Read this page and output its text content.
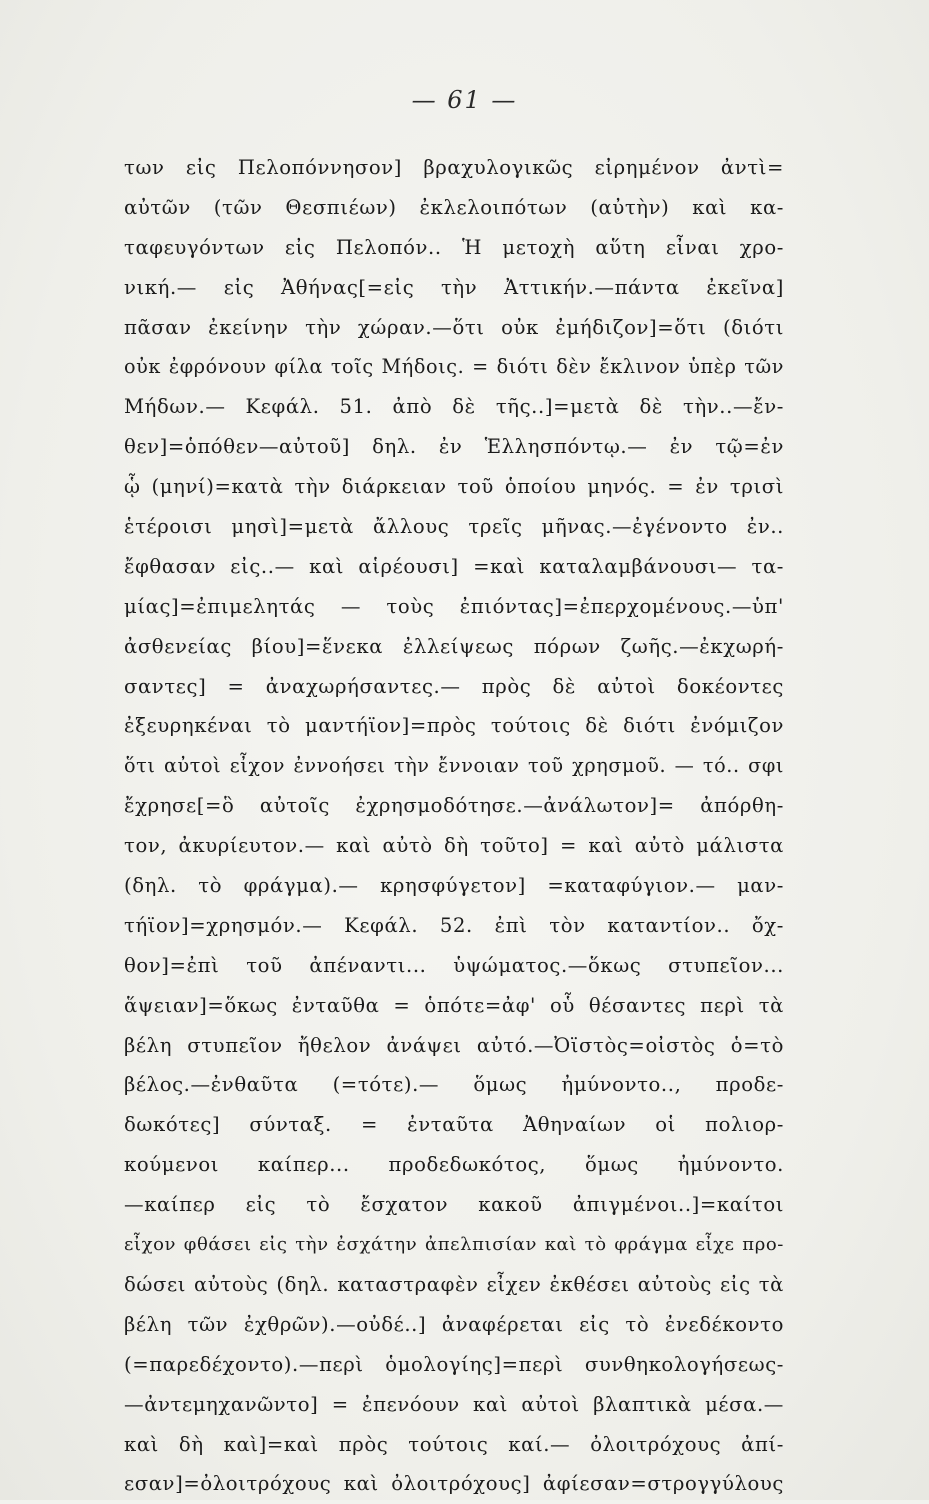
— 61 —
των εἰς Πελοπόννησον] βραχυλογικῶς εἰρημένον ἀντὶ=
αὐτῶν (τῶν Θεσπιέων) ἐκλελοιπότων (αὐτὴν) καὶ κα-
ταφευγόντων εἰς Πελοπόν.. Ἡ μετοχὴ αὕτη εἶναι χρο-
νική.— εἰς Ἀθήνας[=εἰς τὴν Ἀττικήν.—πάντα ἐκεῖνα]
πᾶσαν ἐκείνην τὴν χώραν.—ὅτι οὐκ ἐμήδιζον]=ὅτι (διότι
οὐκ ἐφρόνουν φίλα τοῖς Μήδοις. = διότι δὲν ἔκλινον ὑπὲρ τῶν
Μήδων.— Κεφάλ. 51. ἀπὸ δὲ τῆς..]=μετὰ δὲ τὴν..—ἔν-
θεν]=ὁπόθεν—αὐτοῦ] δηλ. ἐν Ἑλλησπόντῳ.— ἐν τῷ=ἐν
ᾧ (μηνί)=κατὰ τὴν διάρκειαν τοῦ ὁποίου μηνός. = ἐν τρισὶ
ἑτέροισι μησὶ]=μετὰ ἄλλους τρεῖς μῆνας.—ἐγένοντο ἐν..
ἔφθασαν εἰς..— καὶ αἱρέουσι] =καὶ καταλαμβάνουσι— τα-
μίας]=ἐπιμελητάς — τοὺς ἐπιόντας]=ἐπερχομένους.—ὑπ'
ἀσθενείας βίου]=ἕνεκα ἐλλείψεως πόρων ζωῆς.—ἐκχωρή-
σαντες] = ἀναχωρήσαντες.— πρὸς δὲ αὐτοὶ δοκέοντες
ἐξευρηκέναι τὸ μαντήϊον]=πρὸς τούτοις δὲ διότι ἐνόμιζον
ὅτι αὐτοὶ εἶχον ἐννοήσει τὴν ἔννοιαν τοῦ χρησμοῦ. — τό.. σφι
ἔχρησε[=ὃ αὐτοῖς ἐχρησμοδότησε.—ἀνάλωτον]= ἀπόρθη-
τον, ἀκυρίευτον.— καὶ αὐτὸ δὴ τοῦτο] = καὶ αὐτὸ μάλιστα
(δηλ. τὸ φράγμα).— κρησφύγετον] =καταφύγιον.— μαν-
τήϊον]=χρησμόν.— Κεφάλ. 52. ἐπὶ τὸν καταντίον.. ὄχ-
θον]=ἐπὶ τοῦ ἀπέναντι... ὑψώματος.—ὅκως στυπεῖον...
ἅψειαν]=ὅκως ἐνταῦθα = ὁπότε=ἀφ' οὗ θέσαντες περὶ τὰ
βέλη στυπεῖον ἤθελον ἀνάψει αὐτό.—Ὀϊστὸς=οἰστὸς ὁ=τὸ
βέλος.—ἐνθαῦτα (=τότε).— ὅμως ἠμύνοντο.., προδε-
δωκότες] σύνταξ. = ἐνταῦτα Ἀθηναίων οἱ πολιορ-
κούμενοι καίπερ... προδεδωκότος, ὅμως ἠμύνοντο.
—καίπερ εἰς τὸ ἔσχατον κακοῦ ἀπιγμένοι..]=καίτοι
εἶχον φθάσει εἰς τὴν ἐσχάτην ἀπελπισίαν καὶ τὸ φράγμα εἶχε προ-
δώσει αὐτοὺς (δηλ. καταστραφὲν εἶχεν ἐκθέσει αὐτοὺς εἰς τὰ
βέλη τῶν ἐχθρῶν).—οὐδέ..] ἀναφέρεται εἰς τὸ ἐνεδέκοντο
(=παρεδέχοντο).—περὶ ὁμολογίης]=περὶ συνθηκολογήσεως-
—ἀντεμηχανῶντο] = ἐπενόουν καὶ αὐτοὶ βλαπτικὰ μέσα.—
καὶ δὴ καὶ]=καὶ πρὸς τούτοις καί.— ὀλοιτρόχους ἀπί-
εσαν]=ὀλοιτρόχους καὶ ὀλοιτρόχους] ἀφίεσαν=στρογγύλους
